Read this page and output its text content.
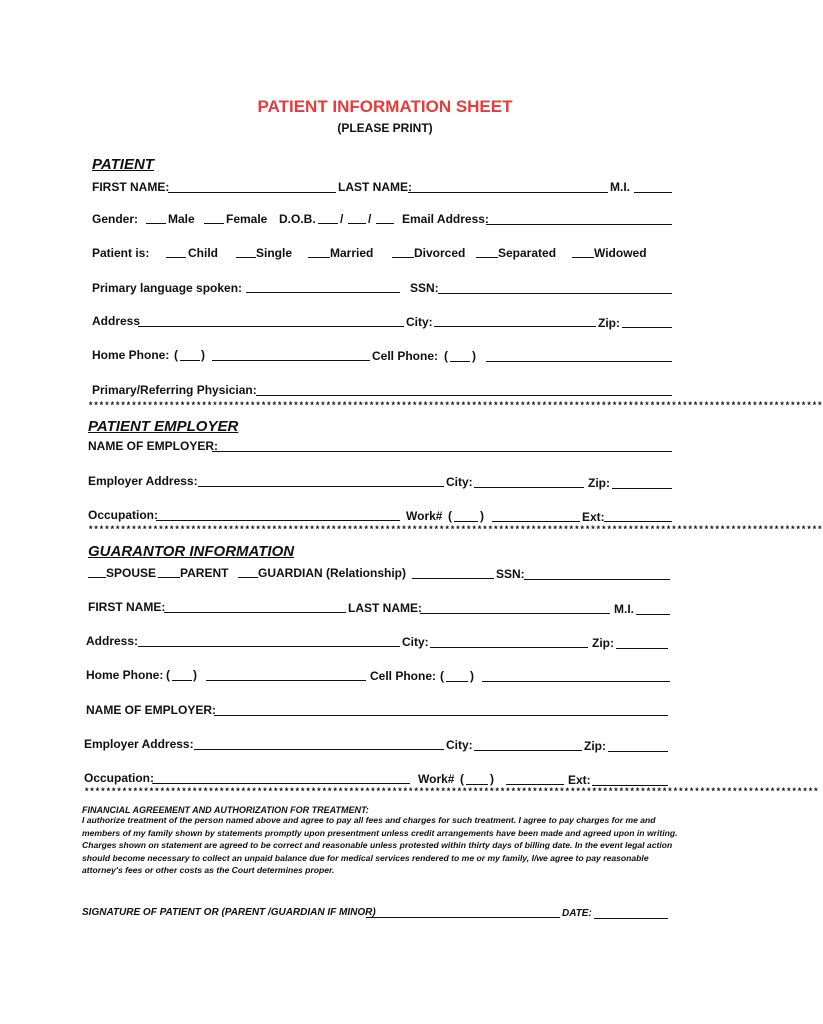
PATIENT INFORMATION SHEET
(PLEASE PRINT)
PATIENT
FIRST NAME:	LAST NAME:	M.I.
Gender: Male	Female D.O.B. / /	Email Address:
Patient is:	Child	Single	Married	Divorced	Separated	Widowed
Primary language spoken:	SSN:
Address	City:	Zip:
Home Phone: ( )	Cell Phone: ( )
Primary/Referring Physician:
****************************************************************************************************************************************
PATIENT EMPLOYER
NAME OF EMPLOYER:
Employer Address:	City:	Zip:
Occupation:	Work# ( )	Ext:
****************************************************************************************************************************************
GUARANTOR INFORMATION
SPOUSE PARENT GUARDIAN (Relationship)	SSN:
FIRST NAME:	LAST NAME:	M.I.
Address:	City:	Zip:
Home Phone: ( )	Cell Phone: ( )
NAME OF EMPLOYER:
Employer Address:	City:	Zip:
Occupation:	Work# ( )	Ext:
****************************************************************************************************************************************
FINANCIAL AGREEMENT AND AUTHORIZATION FOR TREATMENT:
I authorize treatment of the person named above and agree to pay all fees and charges for such treatment. I agree to pay charges for me and members of my family shown by statements promptly upon presentment unless credit arrangements have been made and agreed upon in writing. Charges shown on statement are agreed to be correct and reasonable unless protested within thirty days of billing date. In the event legal action should become necessary to collect an unpaid balance due for medical services rendered to me or my family, I/we agree to pay reasonable attorney's fees or other costs as the Court determines proper.
SIGNATURE OF PATIENT OR (PARENT /GUARDIAN IF MINOR)	DATE:
